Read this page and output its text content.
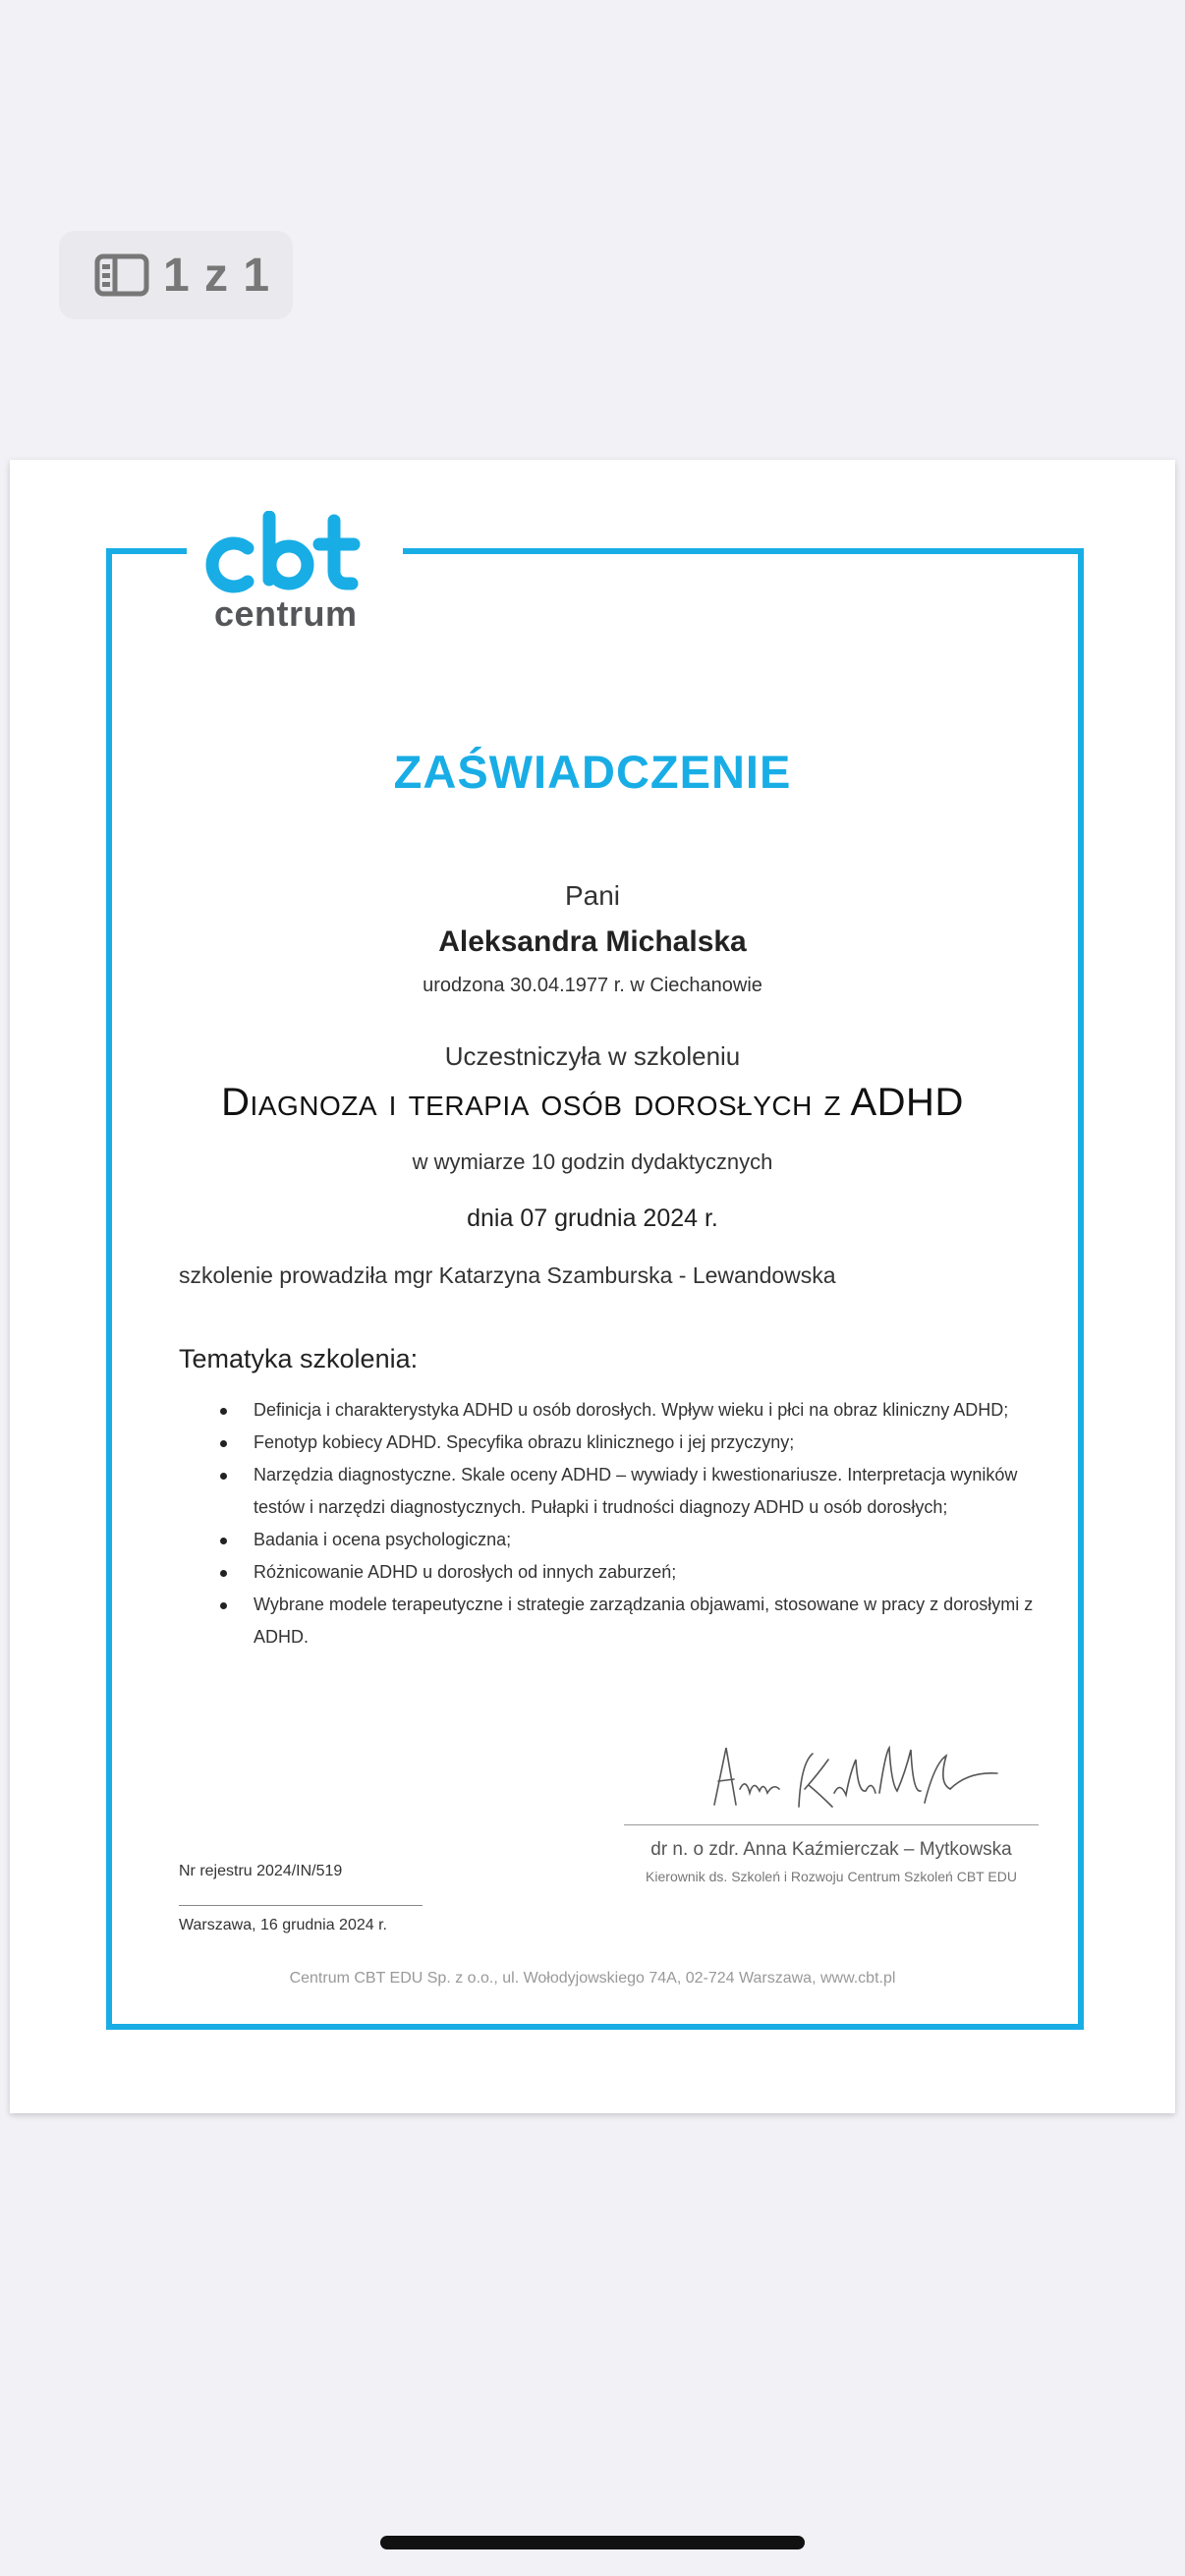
1 z 1
centrum
ZAŚWIADCZENIE
Pani
Aleksandra Michalska
urodzona 30.04.1977 r. w Ciechanowie
Uczestniczyła w szkoleniu
Diagnoza i terapia osób dorosłych z ADHD
w wymiarze 10 godzin dydaktycznych
dnia 07 grudnia 2024 r.
szkolenie prowadziła mgr Katarzyna Szamburska - Lewandowska
Tematyka szkolenia:
Definicja i charakterystyka ADHD u osób dorosłych. Wpływ wieku i płci na obraz kliniczny ADHD;
Fenotyp kobiecy ADHD. Specyfika obrazu klinicznego i jej przyczyny;
Narzędzia diagnostyczne. Skale oceny ADHD – wywiady i kwestionariusze. Interpretacja wyników testów i narzędzi diagnostycznych. Pułapki i trudności diagnozy ADHD u osób dorosłych;
Badania i ocena psychologiczna;
Różnicowanie ADHD u dorosłych od innych zaburzeń;
Wybrane modele terapeutyczne i strategie zarządzania objawami, stosowane w pracy z dorosłymi z ADHD.
dr n. o zdr. Anna Kaźmierczak – Mytkowska
Kierownik ds. Szkoleń i Rozwoju Centrum Szkoleń CBT EDU
Nr rejestru 2024/IN/519
Warszawa, 16 grudnia 2024 r.
Centrum CBT EDU Sp. z o.o., ul. Wołodyjowskiego 74A, 02-724 Warszawa, www.cbt.pl
